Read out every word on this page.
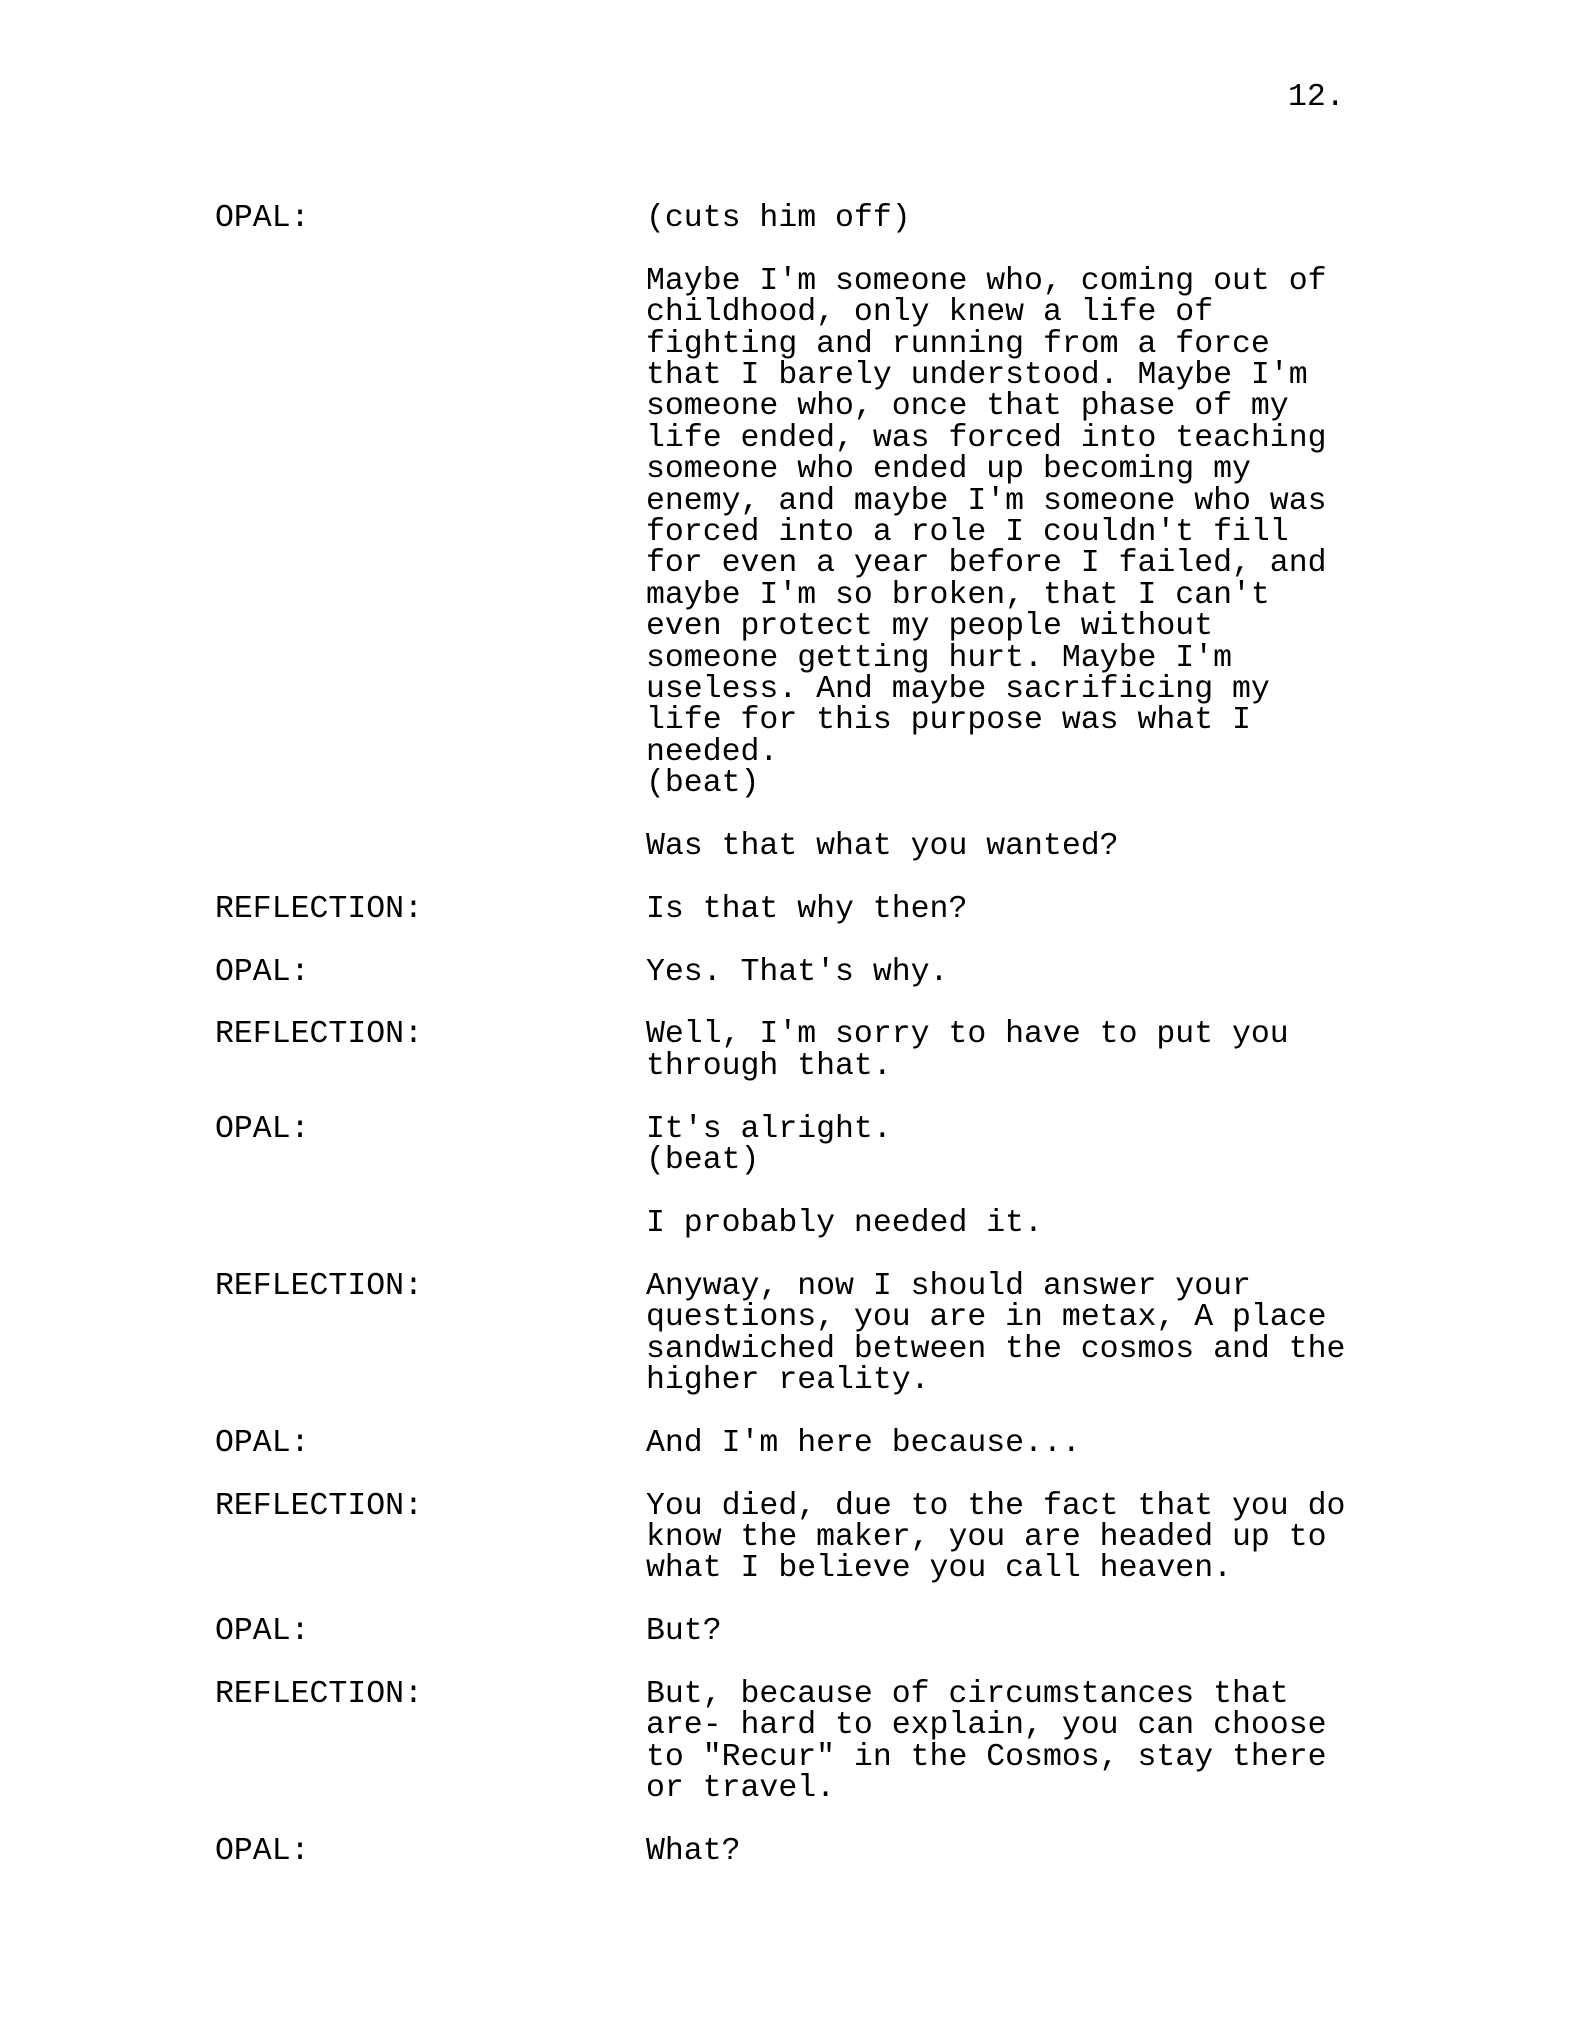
12.
OPAL:	(cuts him off)
Maybe I'm someone who, coming out of
childhood, only knew a life of
fighting and running from a force
that I barely understood. Maybe I'm
someone who, once that phase of my
life ended, was forced into teaching
someone who ended up becoming my
enemy, and maybe I'm someone who was
forced into a role I couldn't fill
for even a year before I failed, and
maybe I'm so broken, that I can't
even protect my people without
someone getting hurt. Maybe I'm
useless. And maybe sacrificing my
life for this purpose was what I
needed.
(beat)
Was that what you wanted?
REFLECTION:	Is that why then?
OPAL:	Yes. That's why.
REFLECTION:	Well, I'm sorry to have to put you
through that.
OPAL:	It's alright.
(beat)
I probably needed it.
REFLECTION:	Anyway, now I should answer your
questions, you are in metax, A place
sandwiched between the cosmos and the
higher reality.
OPAL:	And I'm here because...
REFLECTION:	You died, due to the fact that you do
know the maker, you are headed up to
what I believe you call heaven.
OPAL:	But?
REFLECTION:	But, because of circumstances that
are- hard to explain, you can choose
to "Recur" in the Cosmos, stay there
or travel.
OPAL:	What?
